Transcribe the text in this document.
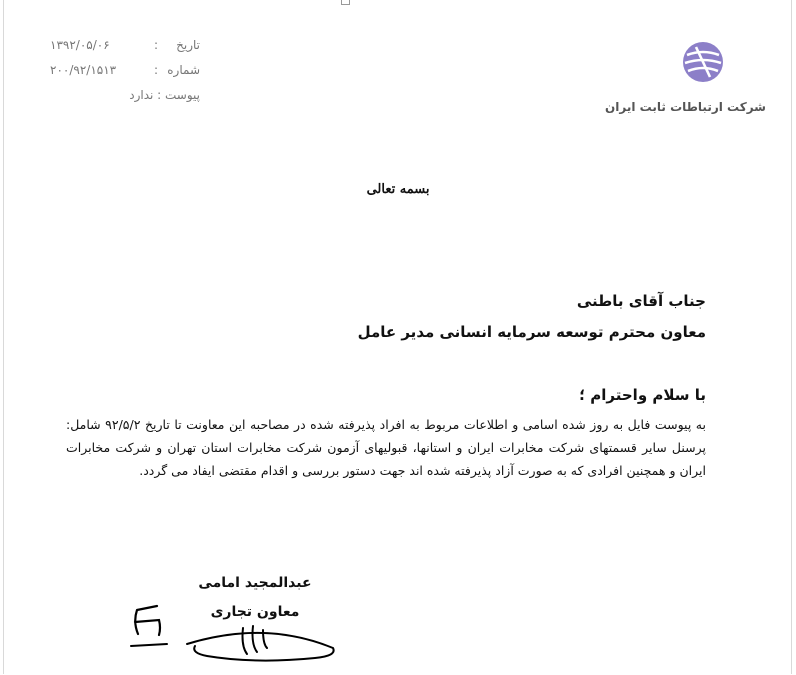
تاریخ
:
۱۳۹۲/۰۵/۰۶
شماره
:
۲۰۰/۹۲/۱۵۱۳
پیوست : ندارد
شرکت ارتباطات ثابت ایران
بسمه تعالی
جناب آقای باطنی
معاون محترم توسعه سرمایه انسانی مدیر عامل
با سلام واحترام ؛
به پیوست فایل به روز شده اسامی و اطلاعات مربوط به افراد پذیرفته شده در مصاحبه این معاونت تا تاریخ ۹۲/۵/۲ شامل: پرسنل سایر قسمتهای شرکت مخابرات ایران و استانها، قبولیهای آزمون شرکت مخابرات استان تهران و شرکت مخابرات ایران و همچنین افرادی که به صورت آزاد پذیرفته شده اند جهت دستور بررسی و اقدام مقتضی ایفاد می گردد.
عبدالمجید امامی
معاون تجاری
